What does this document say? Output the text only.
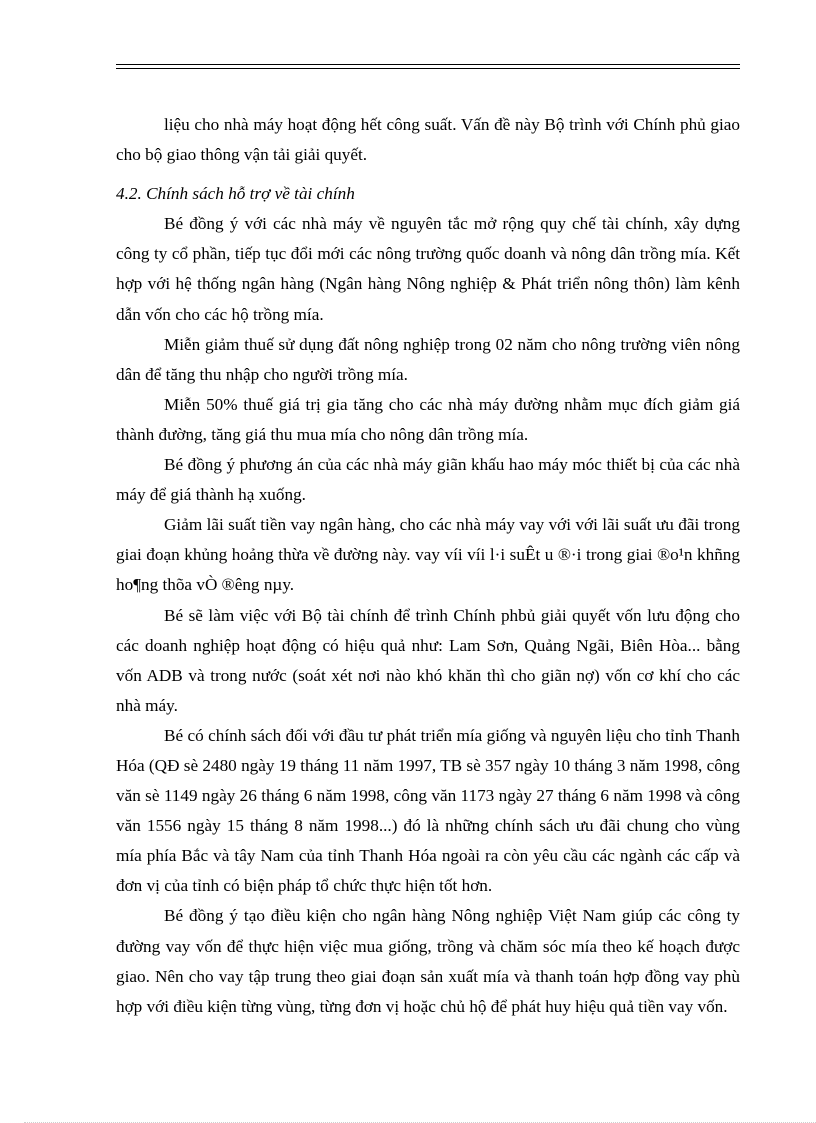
liệu cho nhà máy hoạt động hết công suất. Vấn đề này Bộ trình với Chính phủ giao cho bộ giao thông vận tải giải quyết.

4.2. Chính sách hỗ trợ về tài chính

Bé đồng ý với các nhà máy về nguyên tắc mở rộng quy chế tài chính, xây dựng công ty cổ phần, tiếp tục đổi mới các nông trường quốc doanh và nông dân trồng mía. Kết hợp với hệ thống ngân hàng (Ngân hàng Nông nghiệp & Phát triển nông thôn) làm kênh dẫn vốn cho các hộ trồng mía.

Miễn giảm thuế sử dụng đất nông nghiệp trong 02 năm cho nông trường viên nông dân để tăng thu nhập cho người trồng mía.

Miễn 50% thuế giá trị gia tăng cho các nhà máy đường nhằm mục đích giảm giá thành đường, tăng giá thu mua mía cho nông dân trồng mía.

Bé đồng ý phương án của các nhà máy giãn khấu hao máy móc thiết bị của các nhà máy để giá thành hạ xuống.

Giảm lãi suất tiền vay ngân hàng, cho các nhà máy vay với với lãi suất ưu đãi trong giai đoạn khủng hoảng thừa về đường này. vay víi víi l·i suÊt u ®·i trong giai ®o¹n khñng ho¶ng thõa vÒ ®êng nµy.

Bé sẽ làm việc với Bộ tài chính để trình Chính phbủ giải quyết vốn lưu động cho các doanh nghiệp hoạt động có hiệu quả như: Lam Sơn, Quảng Ngãi, Biên Hòa... bằng vốn ADB và trong nước (soát xét nơi nào khó khăn thì cho giãn nợ) vốn cơ khí cho các nhà máy.

Bé có chính sách đối với đầu tư phát triển mía giống và nguyên liệu cho tỉnh Thanh Hóa (QĐ sè 2480 ngày 19 tháng 11 năm 1997, TB sè 357 ngày 10 tháng 3 năm 1998, công văn sè 1149 ngày 26 tháng 6 năm 1998, công văn 1173 ngày 27 tháng 6 năm 1998 và công văn 1556 ngày 15 tháng 8 năm 1998...) đó là những chính sách ưu đãi chung cho vùng mía phía Bắc và tây Nam của tỉnh Thanh Hóa ngoài ra còn yêu cầu các ngành các cấp và đơn vị của tỉnh có biện pháp tổ chức thực hiện tốt hơn.

Bé đồng ý tạo điều kiện cho ngân hàng Nông nghiệp Việt Nam giúp các công ty đường vay vốn để thực hiện việc mua giống, trồng và chăm sóc mía theo kế hoạch được giao. Nên cho vay tập trung theo giai đoạn sản xuất mía và thanh toán hợp đồng vay phù hợp với điều kiện từng vùng, từng đơn vị hoặc chủ hộ để phát huy hiệu quả tiền vay vốn.
